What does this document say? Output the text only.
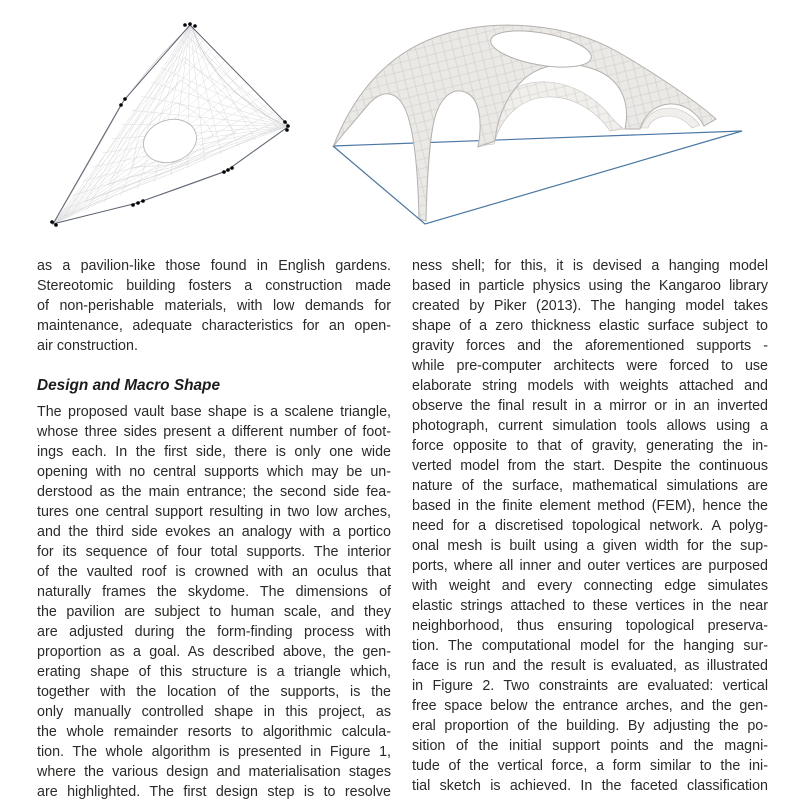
as a pavilion-like those found in English gardens.
Stereotomic building fosters a construction made
of non-perishable materials, with low demands for
maintenance, adequate characteristics for an open-
air construction.
Design and Macro Shape
The proposed vault base shape is a scalene triangle,
whose three sides present a different number of foot-
ings each. In the first side, there is only one wide
opening with no central supports which may be un-
derstood as the main entrance; the second side fea-
tures one central support resulting in two low arches,
and the third side evokes an analogy with a portico
for its sequence of four total supports. The interior
of the vaulted roof is crowned with an oculus that
naturally frames the skydome. The dimensions of
the pavilion are subject to human scale, and they
are adjusted during the form-finding process with
proportion as a goal. As described above, the gen-
erating shape of this structure is a triangle which,
together with the location of the supports, is the
only manually controlled shape in this project, as
the whole remainder resorts to algorithmic calcula-
tion. The whole algorithm is presented in Figure 1,
where the various design and materialisation stages
are highlighted. The first design step is to resolve
ness shell; for this, it is devised a hanging model
based in particle physics using the Kangaroo library
created by Piker (2013). The hanging model takes
shape of a zero thickness elastic surface subject to
gravity forces and the aforementioned supports -
while pre-computer architects were forced to use
elaborate string models with weights attached and
observe the final result in a mirror or in an inverted
photograph, current simulation tools allows using a
force opposite to that of gravity, generating the in-
verted model from the start. Despite the continuous
nature of the surface, mathematical simulations are
based in the finite element method (FEM), hence the
need for a discretised topological network. A polyg-
onal mesh is built using a given width for the sup-
ports, where all inner and outer vertices are purposed
with weight and every connecting edge simulates
elastic strings attached to these vertices in the near
neighborhood, thus ensuring topological preserva-
tion. The computational model for the hanging sur-
face is run and the result is evaluated, as illustrated
in Figure 2. Two constraints are evaluated: vertical
free space below the entrance arches, and the gen-
eral proportion of the building. By adjusting the po-
sition of the initial support points and the magni-
tude of the vertical force, a form similar to the ini-
tial sketch is achieved. In the faceted classification
